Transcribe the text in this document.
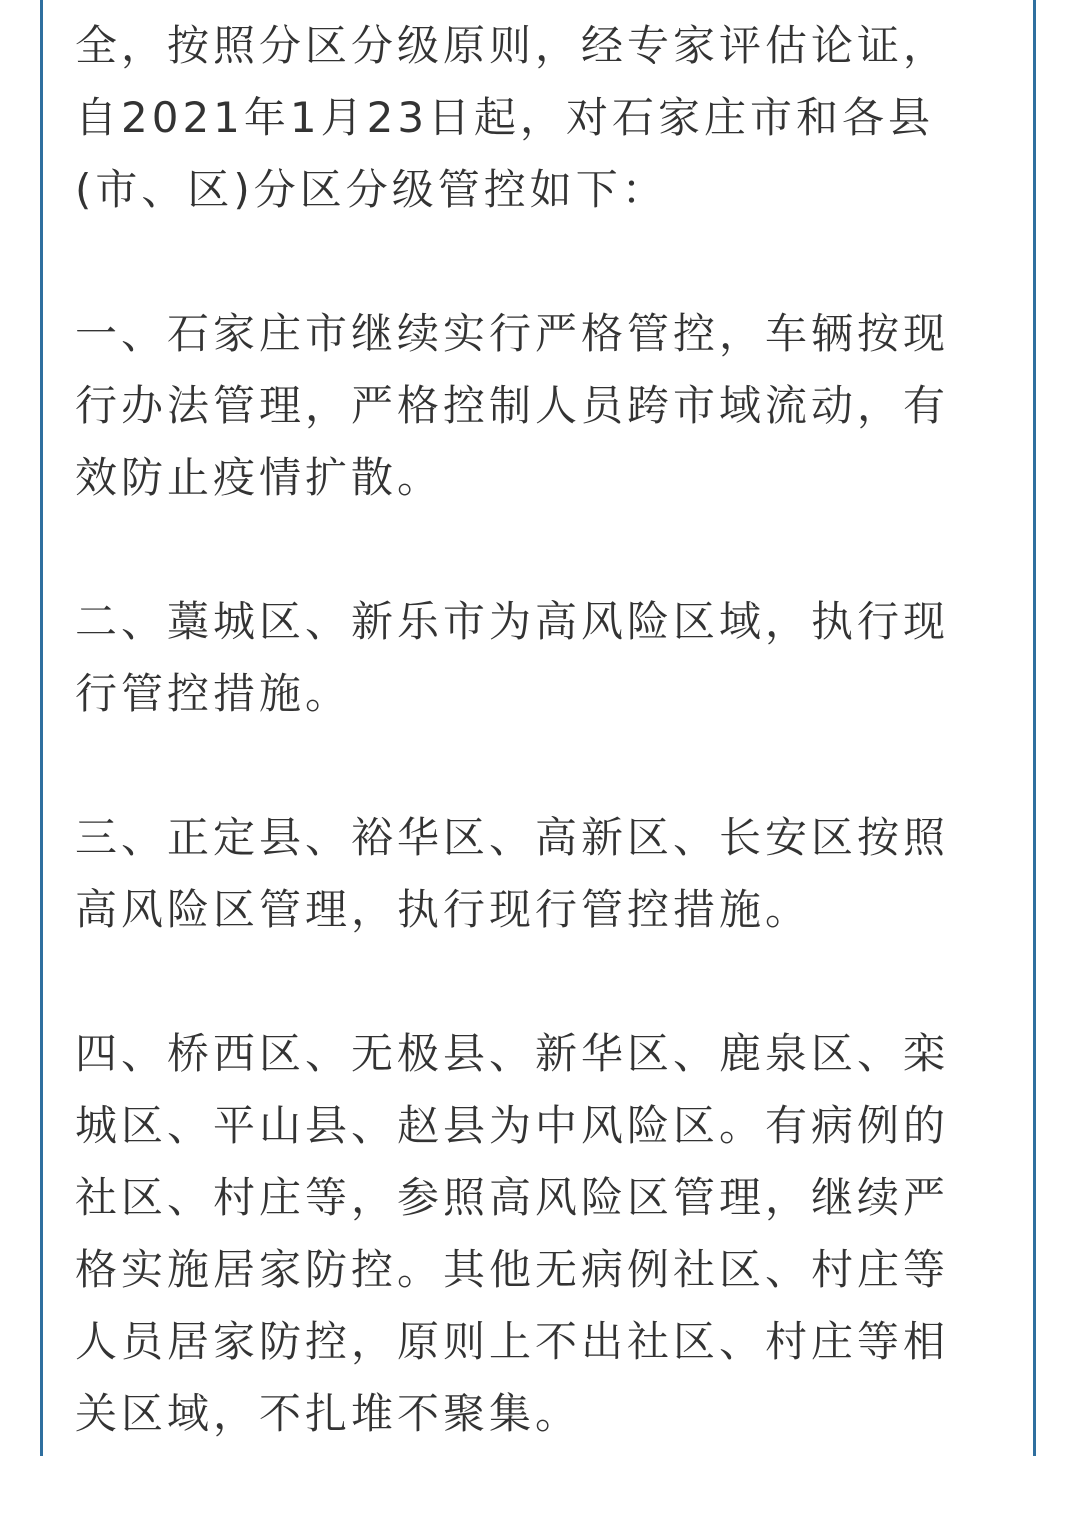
全，按照分区分级原则，经专家评估论证，
自2021年1月23日起，对石家庄市和各县
(市、区)分区分级管控如下：

一、石家庄市继续实行严格管控，车辆按现
行办法管理，严格控制人员跨市域流动，有
效防止疫情扩散。

二、藁城区、新乐市为高风险区域，执行现
行管控措施。

三、正定县、裕华区、高新区、长安区按照
高风险区管理，执行现行管控措施。

四、桥西区、无极县、新华区、鹿泉区、栾
城区、平山县、赵县为中风险区。有病例的
社区、村庄等，参照高风险区管理，继续严
格实施居家防控。其他无病例社区、村庄等
人员居家防控，原则上不出社区、村庄等相
关区域，不扎堆不聚集。
